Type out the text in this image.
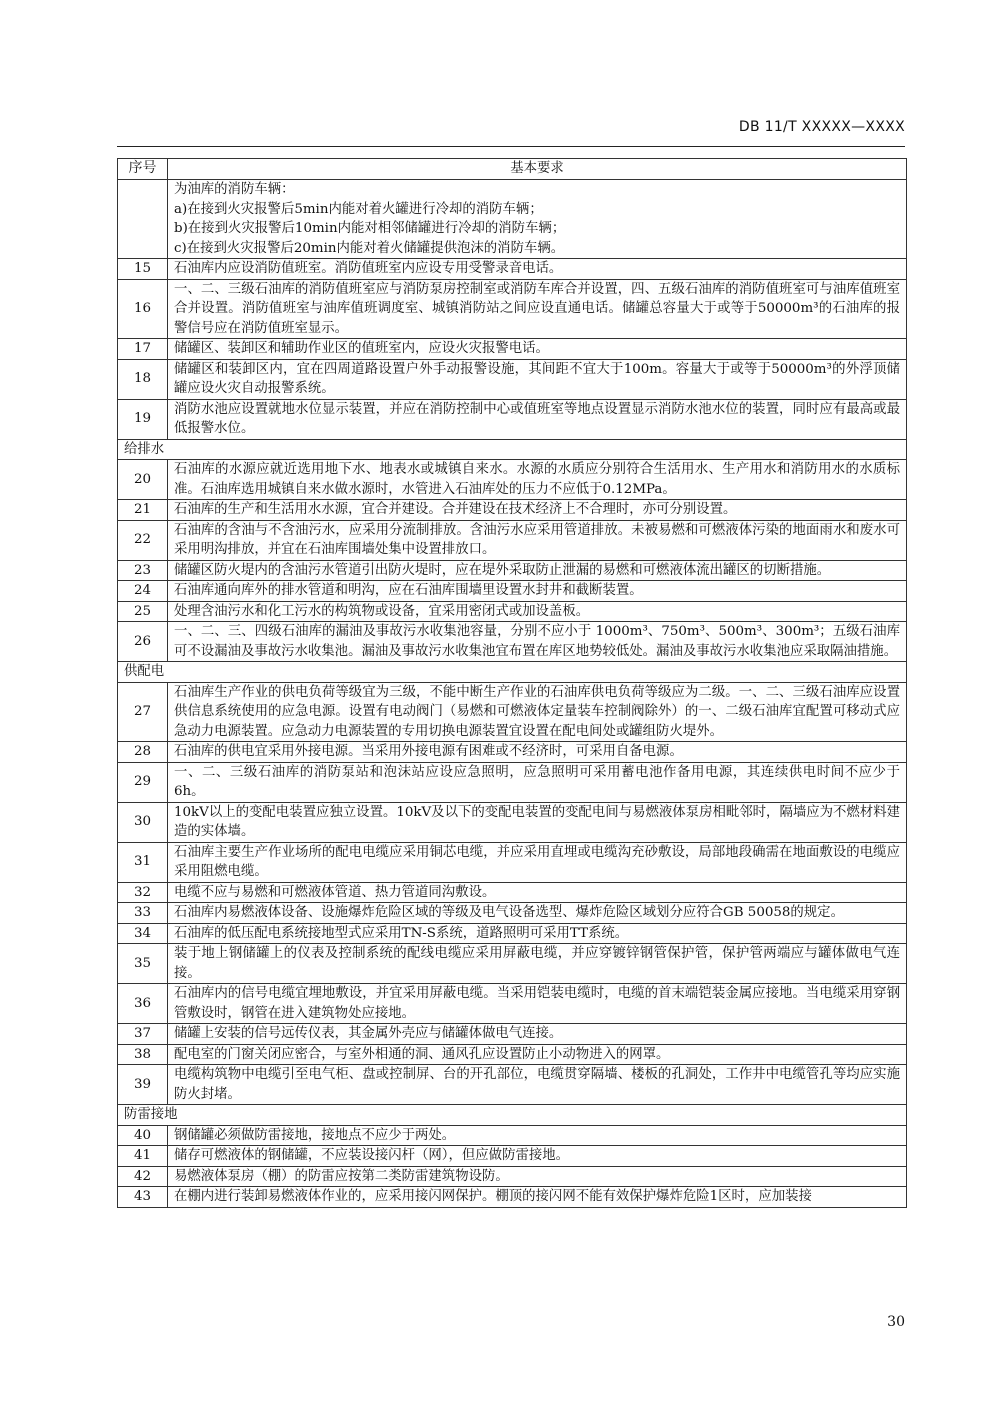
DB 11/T XXXXX—XXXX
序号	基本要求

	为油库的消防车辆：
a)在接到火灾报警后5min内能对着火罐进行冷却的消防车辆；
b)在接到火灾报警后10min内能对相邻储罐进行冷却的消防车辆；
c)在接到火灾报警后20min内能对着火储罐提供泡沫的消防车辆。

15	石油库内应设消防值班室。消防值班室内应设专用受警录音电话。
16	一、二、三级石油库的消防值班室应与消防泵房控制室或消防车库合并设置，四、五级石油库的消防值班室可与油库值班室合并设置。消防值班室与油库值班调度室、城镇消防站之间应设直通电话。储罐总容量大于或等于50000m³的石油库的报警信号应在消防值班室显示。
17	储罐区、装卸区和辅助作业区的值班室内，应设火灾报警电话。
18	储罐区和装卸区内，宜在四周道路设置户外手动报警设施，其间距不宜大于100m。容量大于或等于50000m³的外浮顶储罐应设火灾自动报警系统。
19	消防水池应设置就地水位显示装置，并应在消防控制中心或值班室等地点设置显示消防水池水位的装置，同时应有最高或最低报警水位。
给排水	
20	石油库的水源应就近选用地下水、地表水或城镇自来水。水源的水质应分别符合生活用水、生产用水和消防用水的水质标准。石油库选用城镇自来水做水源时，水管进入石油库处的压力不应低于0.12MPa。
21	石油库的生产和生活用水水源，宜合并建设。合并建设在技术经济上不合理时，亦可分别设置。
22	石油库的含油与不含油污水，应采用分流制排放。含油污水应采用管道排放。未被易燃和可燃液体污染的地面雨水和废水可采用明沟排放，并宜在石油库围墙处集中设置排放口。
23	储罐区防火堤内的含油污水管道引出防火堤时，应在堤外采取防止泄漏的易燃和可燃液体流出罐区的切断措施。
24	石油库通向库外的排水管道和明沟，应在石油库围墙里设置水封井和截断装置。
25	处理含油污水和化工污水的构筑物或设备，宜采用密闭式或加设盖板。
26	一、二、三、四级石油库的漏油及事故污水收集池容量，分别不应小于 1000m³、750m³、500m³、300m³；五级石油库可不设漏油及事故污水收集池。漏油及事故污水收集池宜布置在库区地势较低处。漏油及事故污水收集池应采取隔油措施。
供配电	
27	石油库生产作业的供电负荷等级宜为三级，不能中断生产作业的石油库供电负荷等级应为二级。一、二、三级石油库应设置供信息系统使用的应急电源。设置有电动阀门（易燃和可燃液体定量装车控制阀除外）的一、二级石油库宜配置可移动式应急动力电源装置。应急动力电源装置的专用切换电源装置宜设置在配电间处或罐组防火堤外。
28	石油库的供电宜采用外接电源。当采用外接电源有困难或不经济时，可采用自备电源。
29	一、二、三级石油库的消防泵站和泡沫站应设应急照明，应急照明可采用蓄电池作备用电源，其连续供电时间不应少于6h。
30	10kV以上的变配电装置应独立设置。10kV及以下的变配电装置的变配电间与易燃液体泵房相毗邻时，隔墙应为不燃材料建造的实体墙。
31	石油库主要生产作业场所的配电电缆应采用铜芯电缆，并应采用直埋或电缆沟充砂敷设，局部地段确需在地面敷设的电缆应采用阻燃电缆。
32	电缆不应与易燃和可燃液体管道、热力管道同沟敷设。
33	石油库内易燃液体设备、设施爆炸危险区域的等级及电气设备选型、爆炸危险区域划分应符合GB 50058的规定。
34	石油库的低压配电系统接地型式应采用TN-S系统，道路照明可采用TT系统。
35	装于地上钢储罐上的仪表及控制系统的配线电缆应采用屏蔽电缆，并应穿镀锌钢管保护管，保护管两端应与罐体做电气连接。
36	石油库内的信号电缆宜埋地敷设，并宜采用屏蔽电缆。当采用铠装电缆时，电缆的首末端铠装金属应接地。当电缆采用穿钢管敷设时，钢管在进入建筑物处应接地。
37	储罐上安装的信号远传仪表，其金属外壳应与储罐体做电气连接。
38	配电室的门窗关闭应密合，与室外相通的洞、通风孔应设置防止小动物进入的网罩。
39	电缆构筑物中电缆引至电气柜、盘或控制屏、台的开孔部位，电缆贯穿隔墙、楼板的孔洞处，工作井中电缆管孔等均应实施防火封堵。
防雷接地	
40	钢储罐必须做防雷接地，接地点不应少于两处。
41	储存可燃液体的钢储罐，不应装设接闪杆（网），但应做防雷接地。
42	易燃液体泵房（棚）的防雷应按第二类防雷建筑物设防。
43	在棚内进行装卸易燃液体作业的，应采用接闪网保护。棚顶的接闪网不能有效保护爆炸危险1区时，应加装接
30
